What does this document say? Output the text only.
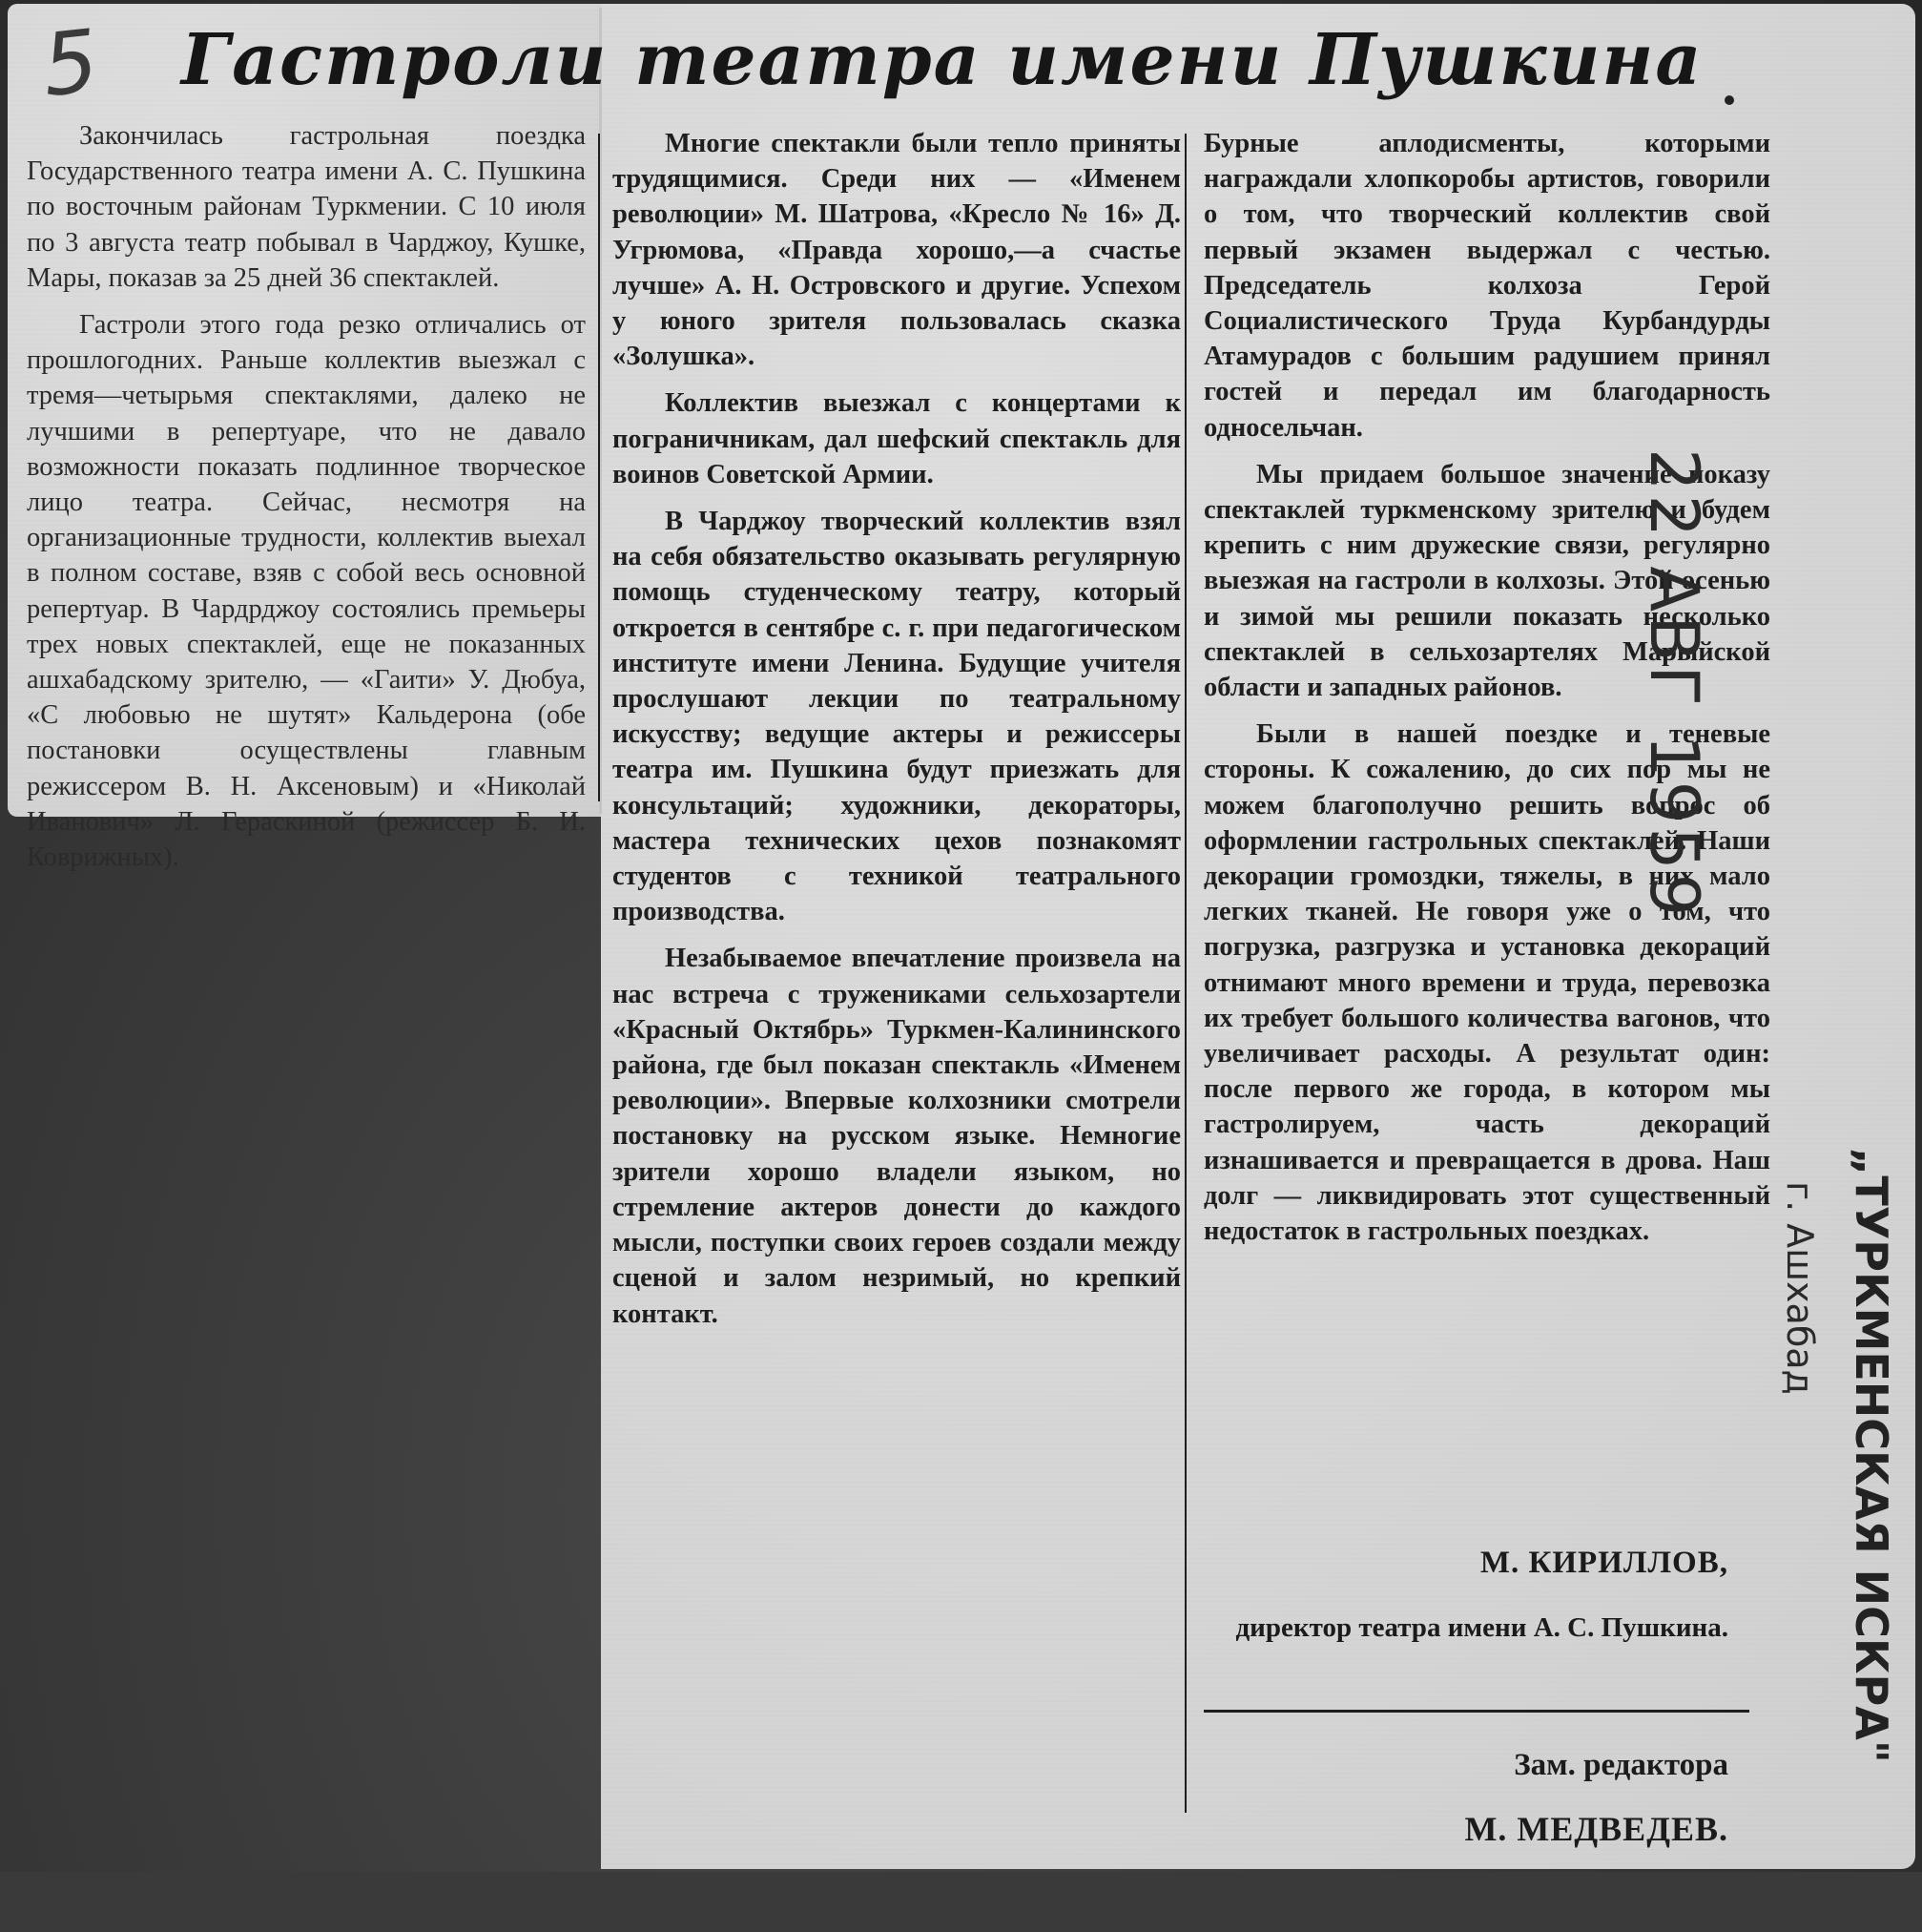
5	Гастроли театра имени Пушкина

Закончилась гастрольная поездка Государственного театра имени А. С. Пушкина по восточным районам Туркмении. С 10 июля по 3 августа театр побывал в Чарджоу, Кушке, Мары, показав за 25 дней 36 спектаклей.

Гастроли этого года резко отличались от прошлогодних. Раньше коллектив выезжал с тремя—четырьмя спектаклями, далеко не лучшими в репертуаре, что не давало возможности показать подлинное творческое лицо театра. Сейчас, несмотря на организационные трудности, коллектив выехал в полном составе, взяв с собой весь основной репертуар. В Чардрджоу состоялись премьеры трех новых спектаклей, еще не показанных ашхабадскому зрителю, — «Гаити» У. Дюбуа, «С любовью не шутят» Кальдерона (обе постановки осуществлены главным режиссером В. Н. Аксеновым) и «Николай Иванович» Л. Гераскиной (режиссер Б. И. Коврижных).

Многие спектакли были тепло приняты трудящимися. Среди них — «Именем революции» М. Шатрова, «Кресло № 16» Д. Угрюмова, «Правда хорошо,—а счастье лучше» А. Н. Островского и другие. Успехом у юного зрителя пользовалась сказка «Золушка».

Коллектив выезжал с концертами к пограничникам, дал шефский спектакль для воинов Советской Армии.

В Чарджоу творческий коллектив взял на себя обязательство оказывать регулярную помощь студенческому театру, который откроется в сентябре с. г. при педагогическом институте имени Ленина. Будущие учителя прослушают лекции по театральному искусству; ведущие актеры и режиссеры театра им. Пушкина будут приезжать для консультаций; художники, декораторы, мастера технических цехов познакомят студентов с техникой театрального производства.

Незабываемое впечатление произвела на нас встреча с тружениками сельхозартели «Красный Октябрь» Туркмен-Калининского района, где был показан спектакль «Именем революции». Впервые колхозники смотрели постановку на русском языке. Немногие зрители хорошо владели языком, но стремление актеров донести до каждого мысли, поступки своих героев создали между сценой и залом незримый, но крепкий контакт.

Бурные аплодисменты, которыми награждали хлопкоробы артистов, говорили о том, что творческий коллектив свой первый экзамен выдержал с честью. Председатель колхоза Герой Социалистического Труда Курбандурды Атамурадов с большим радушием принял гостей и передал им благодарность односельчан.

Мы придаем большое значение показу спектаклей туркменскому зрителю и будем крепить с ним дружеские связи, регулярно выезжая на гастроли в колхозы. Этой осенью и зимой мы решили показать несколько спектаклей в сельхозартелях Марыйской области и западных районов.

Были в нашей поездке и теневые стороны. К сожалению, до сих пор мы не можем благополучно решить вопрос об оформлении гастрольных спектаклей. Наши декорации громоздки, тяжелы, в них мало легких тканей. Не говоря уже о том, что погрузка, разгрузка и установка декораций отнимают много времени и труда, перевозка их требует большого количества вагонов, что увеличивает расходы. А результат один: после первого же города, в котором мы гастролируем, часть декораций изнашивается и превращается в дрова. Наш долг — ликвидировать этот существенный недостаток в гастрольных поездках.

М. КИРИЛЛОВ,
директор театра имени А. С. Пушкина.
Зам. редактора
М. МЕДВЕДЕВ.
22 АВГ 1959
„ТУРКМЕНСКАЯ ИСКРА"
г. Ашхабад
